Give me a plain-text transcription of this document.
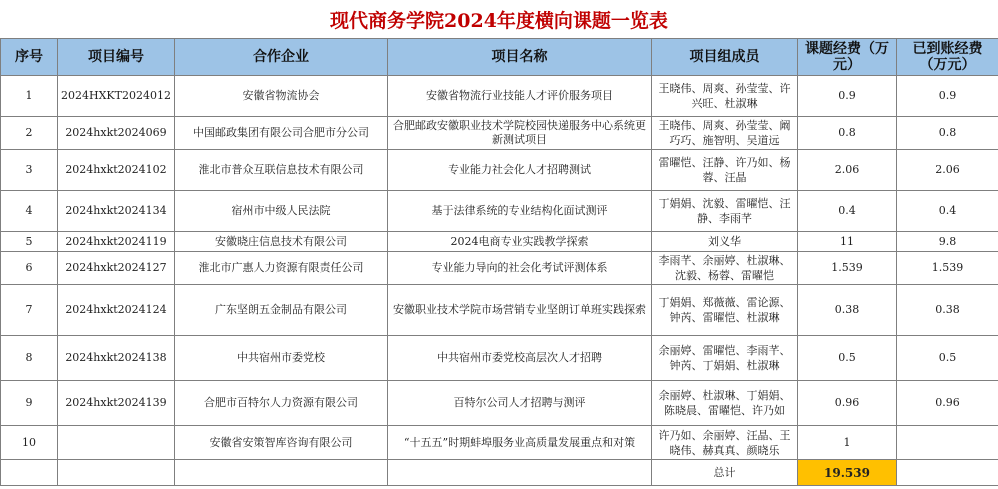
现代商务学院2024年度横向课题一览表
序号	项目编号	合作企业	项目名称	项目组成员	课题经费（万元）	已到账经费（万元）
1	2024HXKT2024012	安徽省物流协会	安徽省物流行业技能人才评价服务项目	王晓伟、周爽、孙莹莹、许兴旺、杜淑琳	0.9	0.9
2	2024hxkt2024069	中国邮政集团有限公司合肥市分公司	合肥邮政安徽职业技术学院校园快递服务中心系统更新测试项目	王晓伟、周爽、孙莹莹、阚巧巧、施智明、吴道远	0.8	0.8
3	2024hxkt2024102	淮北市普众互联信息技术有限公司	专业能力社会化人才招聘测试	雷曜恺、汪静、许乃如、杨蓉、汪晶	2.06	2.06
4	2024hxkt2024134	宿州市中级人民法院	基于法律系统的专业结构化面试测评	丁娟娟、沈毅、雷曜恺、汪静、李雨芊	0.4	0.4
5	2024hxkt2024119	安徽晓庄信息技术有限公司	2024电商专业实践教学探索	刘义华	11	9.8
6	2024hxkt2024127	淮北市广惠人力资源有限责任公司	专业能力导向的社会化考试评测体系	李雨芊、余丽婷、杜淑琳、沈毅、杨蓉、雷曜恺	1.539	1.539
7	2024hxkt2024124	广东坚朗五金制品有限公司	安徽职业技术学院市场营销专业坚朗订单班实践探索	丁娟娟、郑薇薇、雷论源、钟芮、雷曜恺、杜淑琳	0.38	0.38
8	2024hxkt2024138	中共宿州市委党校	中共宿州市委党校高层次人才招聘	余丽婷、雷曜恺、李雨芊、钟芮、丁娟娟、杜淑琳	0.5	0.5
9	2024hxkt2024139	合肥市百特尔人力资源有限公司	百特尔公司人才招聘与测评	余丽婷、杜淑琳、丁娟娟、陈晓晨、雷曜恺、许乃如	0.96	0.96
10		安徽省安策智库咨询有限公司	“十五五”时期蚌埠服务业高质量发展重点和对策	许乃如、余丽婷、汪晶、王晓伟、赫真真、颜晓乐	1	
				总计	19.539	
